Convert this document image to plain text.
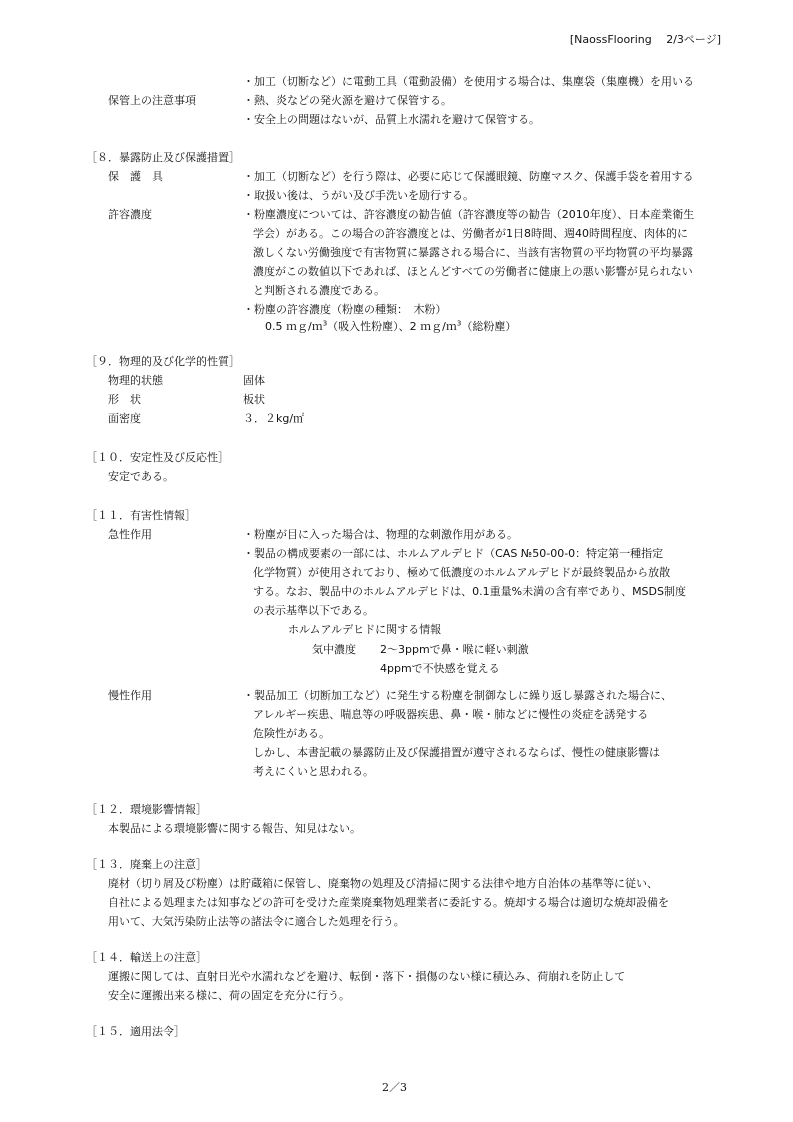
[NaossFlooring　 2/3ページ]
・加工（切断など）に電動工具（電動設備）を使用する場合は、集塵袋（集塵機）を用いる
保管上の注意事項	・熱、炎などの発火源を避けて保管する。
・安全上の問題はないが、品質上水濡れを避けて保管する。
［８．暴露防止及び保護措置］
保　護　具	・加工（切断など）を行う際は、必要に応じて保護眼鏡、防塵マスク、保護手袋を着用する
・取扱い後は、うがい及び手洗いを励行する。
許容濃度	・粉塵濃度については、許容濃度の勧告値（許容濃度等の勧告（2010年度）、日本産業衛生
学会）がある。この場合の許容濃度とは、労働者が1日8時間、週40時間程度、肉体的に
激しくない労働強度で有害物質に暴露される場合に、当該有害物質の平均物質の平均暴露
濃度がこの数値以下であれば、ほとんどすべての労働者に健康上の悪い影響が見られない
と判断される濃度である。
・粉塵の許容濃度（粉塵の種類：　木粉）
0.5 ｍｇ/ｍ$^3$（吸入性粉塵）、2 ｍｇ/ｍ$^3$（総粉塵）
［９．物理的及び化学的性質］
物理的状態	固体
形　状	板状
面密度	３．２kg/㎡
［１０．安定性及び反応性］
安定である。
［１１．有害性情報］
急性作用	・粉塵が目に入った場合は、物理的な刺激作用がある。
・製品の構成要素の一部には、ホルムアルデヒド（CAS №50-00-0：特定第一種指定
化学物質）が使用されており、極めて低濃度のホルムアルデヒドが最終製品から放散
する。なお、製品中のホルムアルデヒドは、0.1重量%未満の含有率であり、MSDS制度
の表示基準以下である。
ホルムアルデヒドに関する情報
気中濃度 2～3ppmで鼻・喉に軽い刺激
4ppmで不快感を覚える
慢性作用	・製品加工（切断加工など）に発生する粉塵を制御なしに繰り返し暴露された場合に、
アレルギー疾患、喘息等の呼吸器疾患、鼻・喉・肺などに慢性の炎症を誘発する
危険性がある。
しかし、本書記載の暴露防止及び保護措置が遵守されるならば、慢性の健康影響は
考えにくいと思われる。
［１２．環境影響情報］
本製品による環境影響に関する報告、知見はない。
［１３．廃棄上の注意］
廃材（切り屑及び粉塵）は貯蔵箱に保管し、廃棄物の処理及び清掃に関する法律や地方自治体の基準等に従い、
自社による処理または知事などの許可を受けた産業廃棄物処理業者に委託する。焼却する場合は適切な焼却設備を
用いて、大気汚染防止法等の諸法令に適合した処理を行う。
［１４．輸送上の注意］
運搬に関しては、直射日光や水濡れなどを避け、転倒・落下・損傷のない様に積込み、荷崩れを防止して
安全に運搬出来る様に、荷の固定を充分に行う。
［１５．適用法令］
2／3
